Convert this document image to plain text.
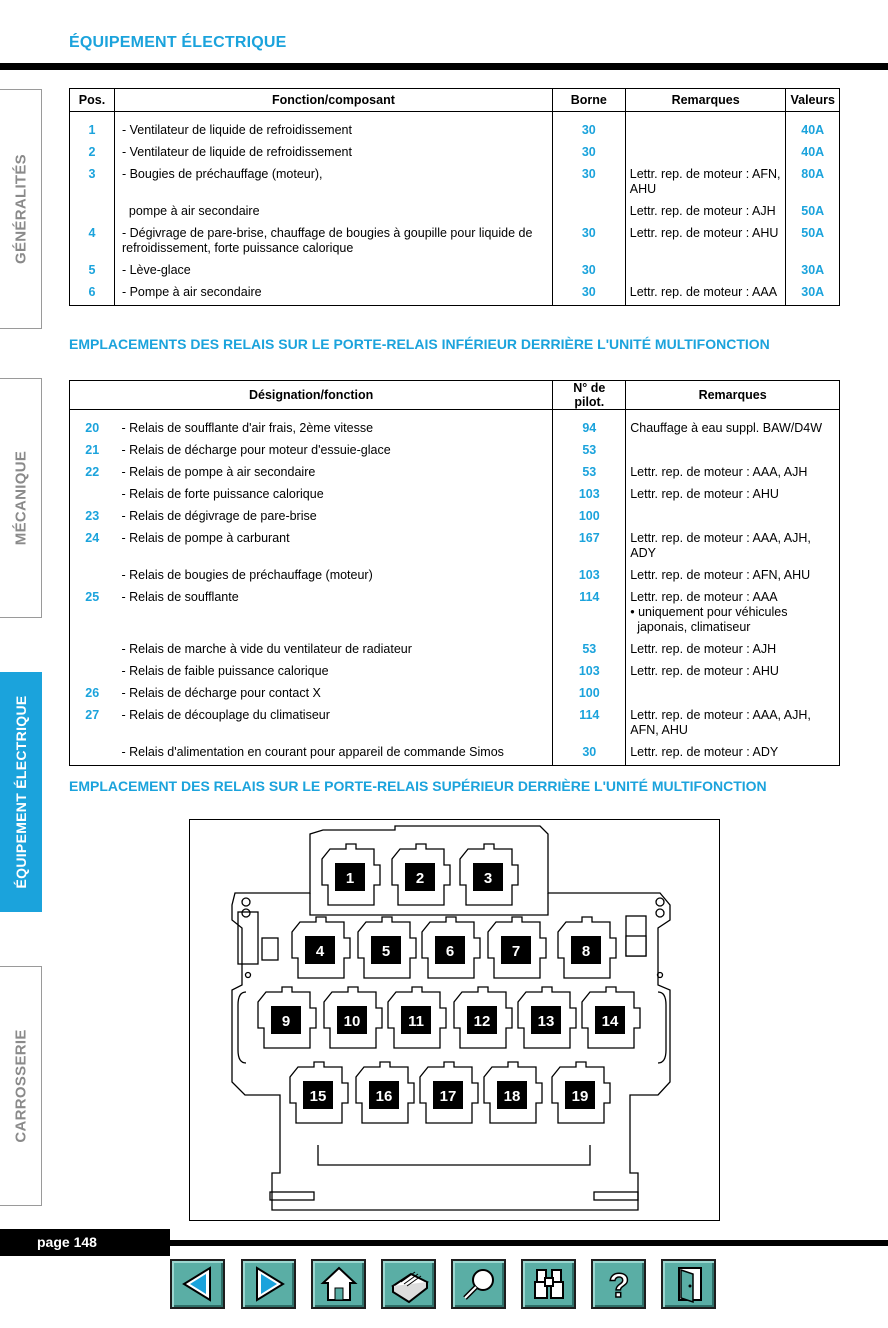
ÉQUIPEMENT ÉLECTRIQUE
GÉNÉRALITÉS
MÉCANIQUE
ÉQUIPEMENT ÉLECTRIQUE
CARROSSERIE
Pos.	Fonction/composant	Borne	Remarques	Valeurs

1	- Ventilateur de liquide de refroidissement	30		40A
2	- Ventilateur de liquide de refroidissement	30		40A
3	- Bougies de préchauffage (moteur),	30	Lettr. rep. de moteur : AFN, AHU	80A
	pompe à air secondaire		Lettr. rep. de moteur : AJH	50A
4	- Dégivrage de pare-brise, chauffage de bougies à goupille pour liquide de refroidissement, forte puissance calorique	30	Lettr. rep. de moteur : AHU	50A
5	- Lève-glace	30		30A
6	- Pompe à air secondaire	30	Lettr. rep. de moteur : AAA	30A
EMPLACEMENTS DES RELAIS SUR LE PORTE-RELAIS INFÉRIEUR DERRIÈRE L'UNITÉ MULTIFONCTION
Désignation/fonction		N° de pilot.	Remarques

20	- Relais de soufflante d'air frais, 2ème vitesse	94	Chauffage à eau suppl. BAW/D4W
21	- Relais de décharge pour moteur d'essuie-glace	53	
22	- Relais de pompe à air secondaire	53	Lettr. rep. de moteur : AAA, AJH
	- Relais de forte puissance calorique	103	Lettr. rep. de moteur : AHU
23	- Relais de dégivrage de pare-brise	100	
24	- Relais de pompe à carburant	167	Lettr. rep. de moteur : AAA, AJH, ADY
	- Relais de bougies de préchauffage (moteur)	103	Lettr. rep. de moteur : AFN, AHU
25	- Relais de soufflante	114	Lettr. rep. de moteur : AAA
• uniquement pour véhicules
japonais, climatiseur
	- Relais de marche à vide du ventilateur de radiateur	53	Lettr. rep. de moteur : AJH
	- Relais de faible puissance calorique	103	Lettr. rep. de moteur : AHU
26	- Relais de décharge pour contact X	100	
27	- Relais de découplage du climatiseur	114	Lettr. rep. de moteur : AAA, AJH, AFN, AHU
	- Relais d'alimentation en courant pour appareil de commande Simos	30	Lettr. rep. de moteur : ADY
EMPLACEMENT DES RELAIS SUR LE PORTE-RELAIS SUPÉRIEUR DERRIÈRE L'UNITÉ MULTIFONCTION
1	2	3
4	5	6	7	8
9	10	11	12	13	14
15	16	17	18	19
page 148
?
